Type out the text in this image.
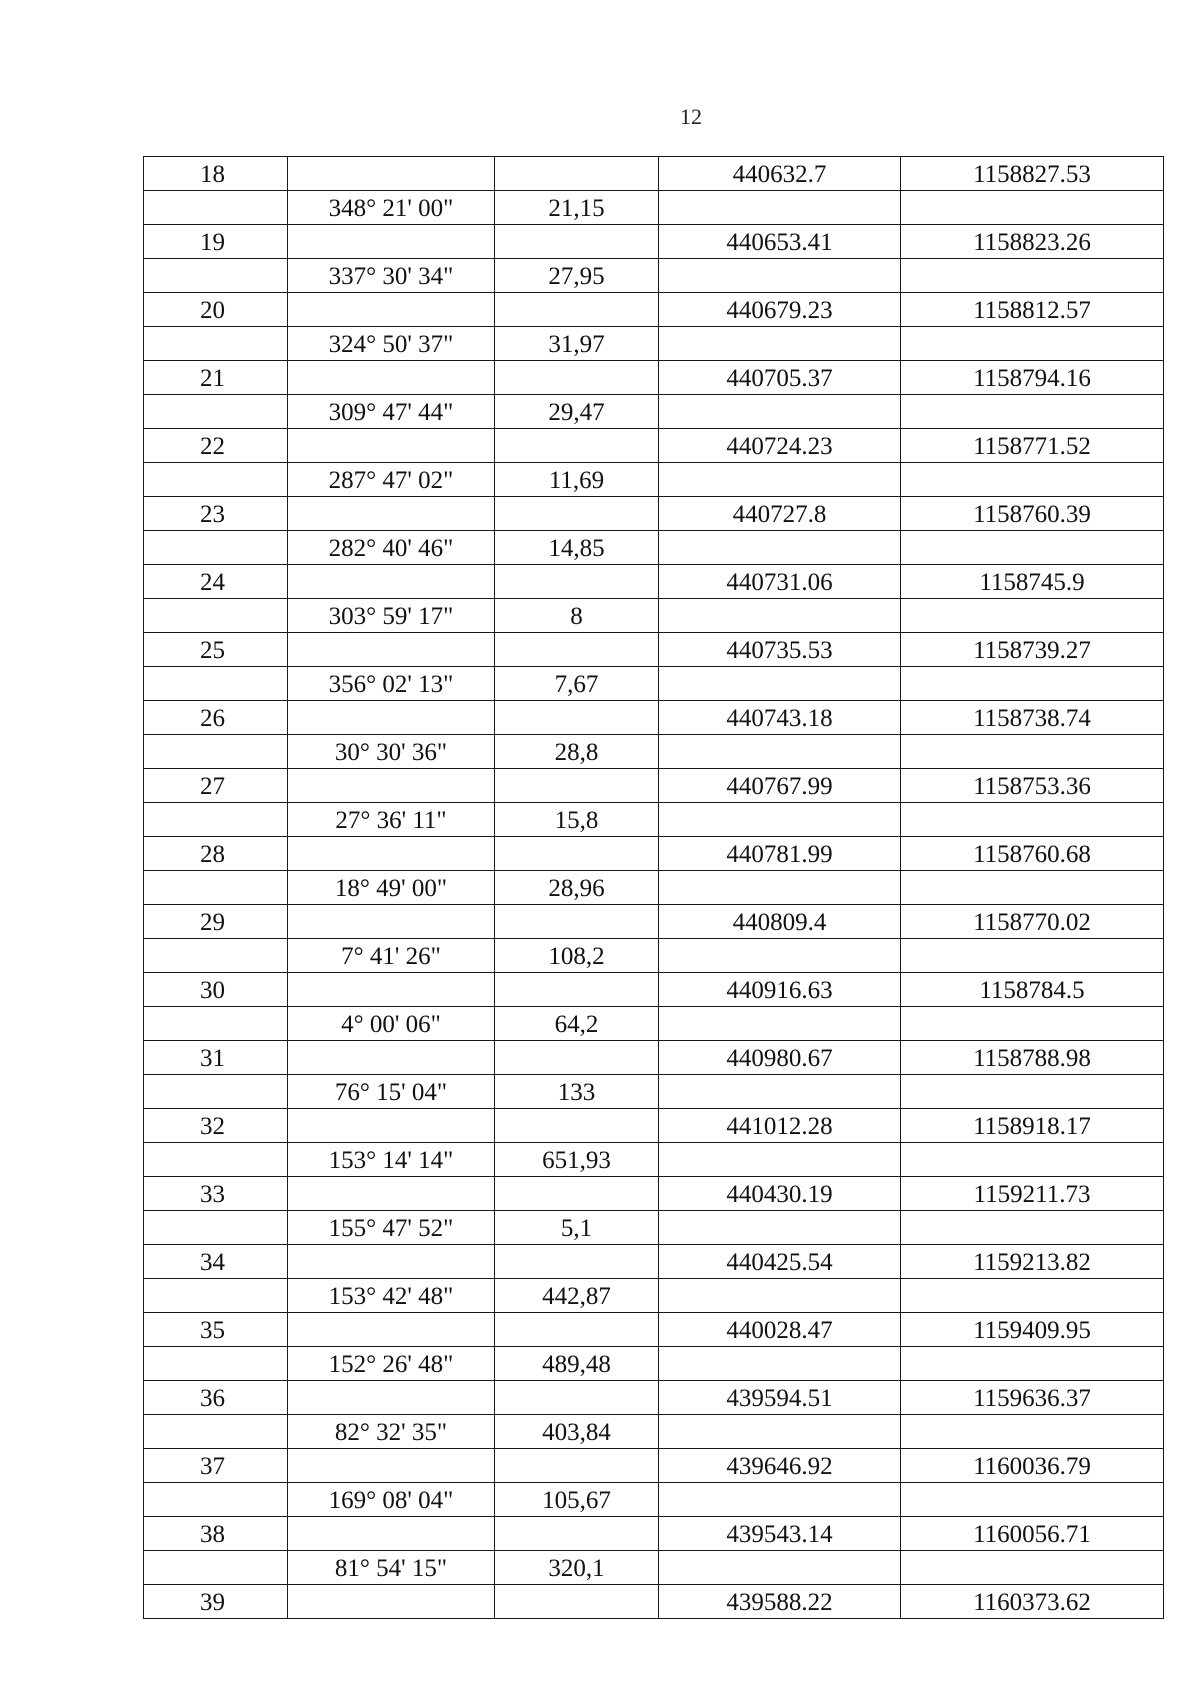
12
18			440632.7	1158827.53
	348° 21' 00"	21,15		
19			440653.41	1158823.26
	337° 30' 34"	27,95		
20			440679.23	1158812.57
	324° 50' 37"	31,97		
21			440705.37	1158794.16
	309° 47' 44"	29,47		
22			440724.23	1158771.52
	287° 47' 02"	11,69		
23			440727.8	1158760.39
	282° 40' 46"	14,85		
24			440731.06	1158745.9
	303° 59' 17"	8		
25			440735.53	1158739.27
	356° 02' 13"	7,67		
26			440743.18	1158738.74
	30° 30' 36"	28,8		
27			440767.99	1158753.36
	27° 36' 11"	15,8		
28			440781.99	1158760.68
	18° 49' 00"	28,96		
29			440809.4	1158770.02
	7° 41' 26"	108,2		
30			440916.63	1158784.5
	4° 00' 06"	64,2		
31			440980.67	1158788.98
	76° 15' 04"	133		
32			441012.28	1158918.17
	153° 14' 14"	651,93		
33			440430.19	1159211.73
	155° 47' 52"	5,1		
34			440425.54	1159213.82
	153° 42' 48"	442,87		
35			440028.47	1159409.95
	152° 26' 48"	489,48		
36			439594.51	1159636.37
	82° 32' 35"	403,84		
37			439646.92	1160036.79
	169° 08' 04"	105,67		
38			439543.14	1160056.71
	81° 54' 15"	320,1		
39			439588.22	1160373.62
